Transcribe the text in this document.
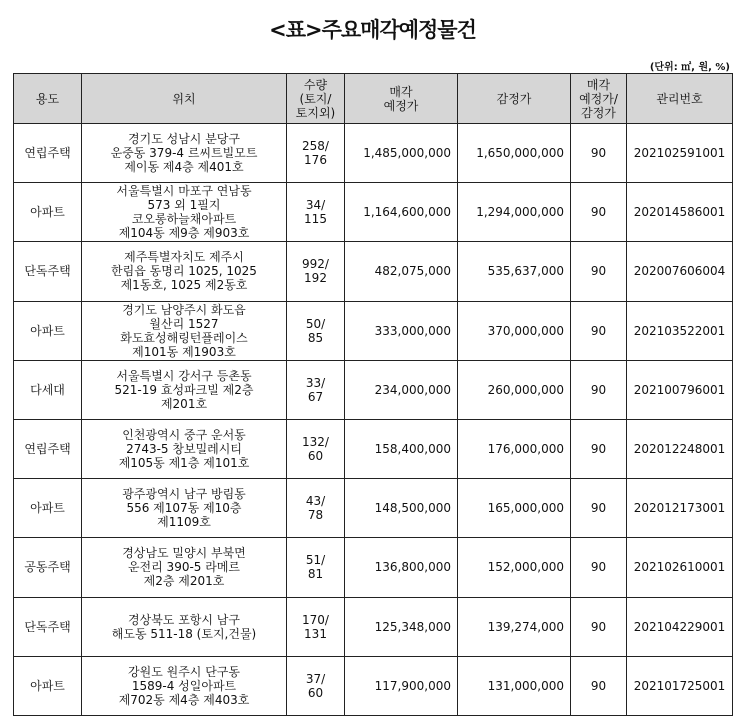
<표>주요매각예정물건
(단위: ㎡, 원, %)
용도	위치	수량
(토지/
토지외)	매각
예정가	감정가	매각
예정가/
감정가	관리번호

연립주택	경기도 성남시 분당구
운중동 379-4 르씨트빌모트
제이동 제4층 제401호	258/
176	1,485,000,000	1,650,000,000	90	202102591001
아파트	서울특별시 마포구 연남동
573 외 1필지
코오롱하늘채아파트
제104동 제9층 제903호	34/
115	1,164,600,000	1,294,000,000	90	202014586001
단독주택	제주특별자치도 제주시
한림읍 동명리 1025, 1025
제1동호, 1025 제2동호	992/
192	482,075,000	535,637,000	90	202007606004
아파트	경기도 남양주시 화도읍
월산리 1527
화도효성해링턴플레이스
제101동 제1903호	50/
85	333,000,000	370,000,000	90	202103522001
다세대	서울특별시 강서구 등촌동
521-19 효성파크빌 제2층
제201호	33/
67	234,000,000	260,000,000	90	202100796001
연립주택	인천광역시 중구 운서동
2743-5 창보밀레시티
제105동 제1층 제101호	132/
60	158,400,000	176,000,000	90	202012248001
아파트	광주광역시 남구 방림동
556 제107동 제10층
제1109호	43/
78	148,500,000	165,000,000	90	202012173001
공동주택	경상남도 밀양시 부북면
운전리 390-5 라메르
제2층 제201호	51/
81	136,800,000	152,000,000	90	202102610001
단독주택	경상북도 포항시 남구
해도동 511-18 (토지,건물)	170/
131	125,348,000	139,274,000	90	202104229001
아파트	강원도 원주시 단구동
1589-4 성일아파트
제702동 제4층 제403호	37/
60	117,900,000	131,000,000	90	202101725001
